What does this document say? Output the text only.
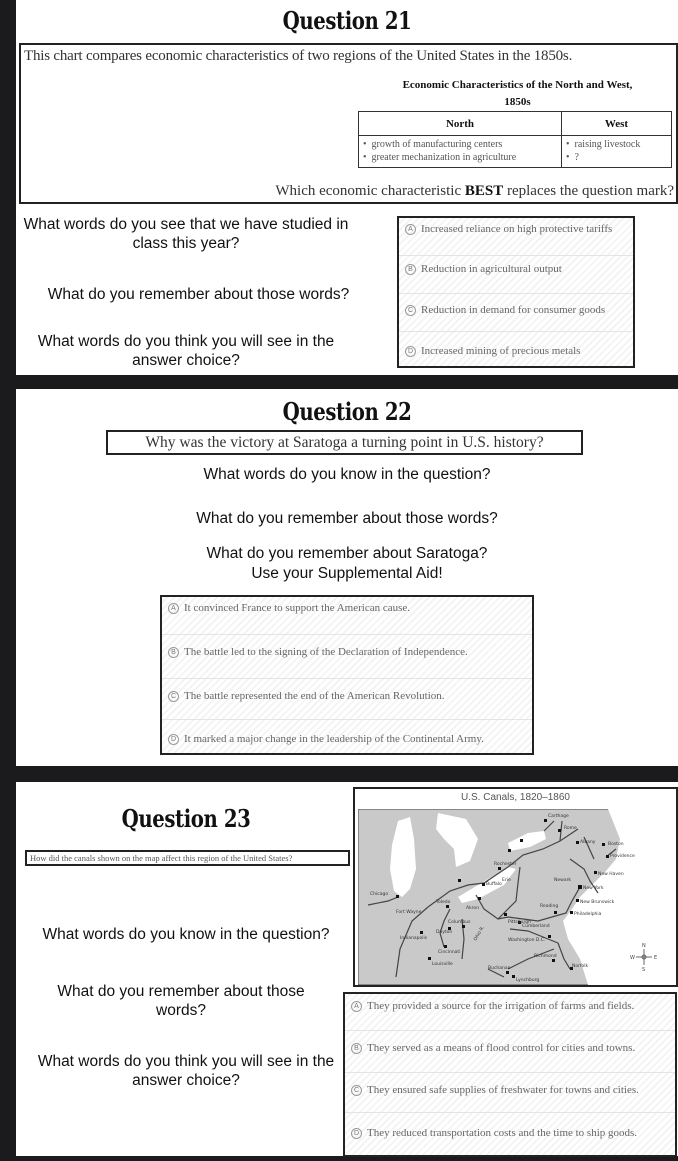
Question 21
This chart compares economic characteristics of two regions of the United States in the 1850s.
Economic Characteristics of the North and West,
1850s
North	West

•  growth of manufacturing centers
•  greater mechanization in agriculture

•  raising livestock
•  ?
Which economic characteristic BEST replaces the question mark?
What words do you see that we have studied in class this year?
What do you remember about those words?
What words do you think you will see in the answer choice?
A Increased reliance on high protective tariffs
B Reduction in agricultural output
C Reduction in demand for consumer goods
D Increased mining of precious metals
Question 22
Why was the victory at Saratoga a turning point in U.S. history?
What words do you know in the question?
What do you remember about those words?
What do you remember about Saratoga?
Use your Supplemental Aid!
A It convinced France to support the American cause.
B The battle led to the signing of the Declaration of Independence.
C The battle represented the end of the American Revolution.
D It marked a major change in the leadership of the Continental Army.
Question 23
How did the canals shown on the map affect this region of the United States?
U.S. Canals, 1820–1860
Chicago
Toledo
Fort Wayne
Buffalo
Rochester
Carthage
Rome
Albany	Boston
Providence
New Haven
New York
New Brunswick
Philadelphia
Reading
Newark
Erie
Akron
Pittsburgh
Cumberland
Washington D.C.
Columbus
Dayton
Indianapolis
Cincinnati
Louisville
Richmond
Norfolk
Buchanan
Lynchburg
Ohio R.
N
S
W	E
What words do you know in the question?
What do you remember about those words?
What words do you think you will see in the answer choice?
A They provided a source for the irrigation of farms and fields.
B They served as a means of flood control for cities and towns.
C They ensured safe supplies of freshwater for towns and cities.
D They reduced transportation costs and the time to ship goods.
